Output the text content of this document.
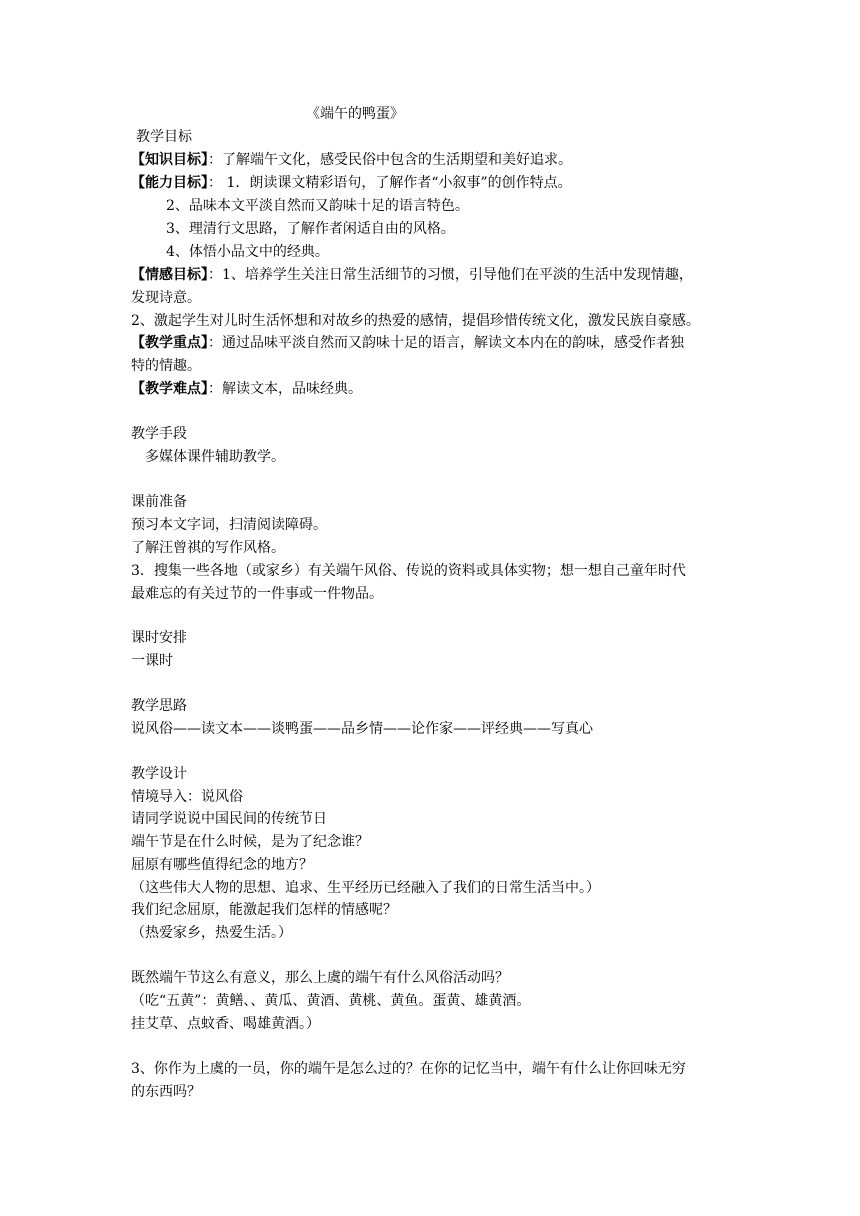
《端午的鸭蛋》
教学目标
【知识目标】：了解端午文化，感受民俗中包含的生活期望和美好追求。
【能力目标】： 1．朗读课文精彩语句，了解作者“小叙事”的创作特点。
2、品味本文平淡自然而又韵味十足的语言特色。
3、理清行文思路，了解作者闲适自由的风格。
4、体悟小品文中的经典。
【情感目标】：1、培养学生关注日常生活细节的习惯，引导他们在平淡的生活中发现情趣，
发现诗意。
2、激起学生对儿时生活怀想和对故乡的热爱的感情，提倡珍惜传统文化，激发民族自豪感。
【教学重点】：通过品味平淡自然而又韵味十足的语言，解读文本内在的韵味，感受作者独
特的情趣。
【教学难点】：解读文本，品味经典。
教学手段
多媒体课件辅助教学。
课前准备
预习本文字词，扫清阅读障碍。
了解汪曾祺的写作风格。
3．搜集一些各地（或家乡）有关端午风俗、传说的资料或具体实物；想一想自己童年时代
最难忘的有关过节的一件事或一件物品。
课时安排
一课时
教学思路
说风俗——读文本——谈鸭蛋——品乡情——论作家——评经典——写真心
教学设计
情境导入：说风俗
请同学说说中国民间的传统节日
端午节是在什么时候，是为了纪念谁？
屈原有哪些值得纪念的地方？
（这些伟大人物的思想、追求、生平经历已经融入了我们的日常生活当中。）
我们纪念屈原，能激起我们怎样的情感呢？
（热爱家乡，热爱生活。）
既然端午节这么有意义，那么上虞的端午有什么风俗活动吗？
（吃“五黄”：黄鳝、、黄瓜、黄酒、黄桃、黄鱼。蛋黄、雄黄酒。
挂艾草、点蚊香、喝雄黄酒。）
3、你作为上虞的一员，你的端午是怎么过的？在你的记忆当中，端午有什么让你回味无穷
的东西吗？
